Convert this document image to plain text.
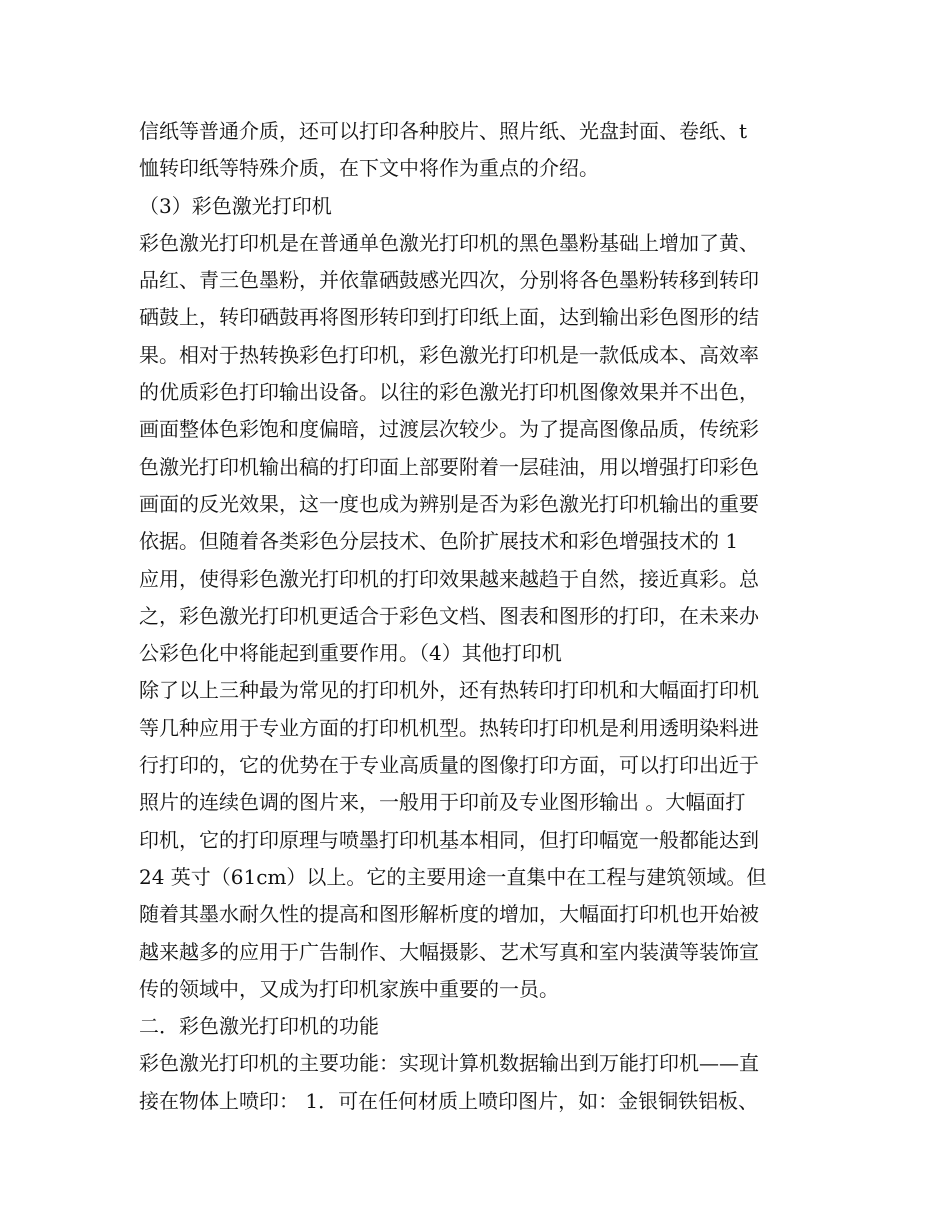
信纸等普通介质，还可以打印各种胶片、照片纸、光盘封面、卷纸、t
恤转印纸等特殊介质，在下文中将作为重点的介绍。
（3）彩色激光打印机
彩色激光打印机是在普通单色激光打印机的黑色墨粉基础上增加了黄、
品红、青三色墨粉，并依靠硒鼓感光四次，分别将各色墨粉转移到转印
硒鼓上，转印硒鼓再将图形转印到打印纸上面，达到输出彩色图形的结
果。相对于热转换彩色打印机，彩色激光打印机是一款低成本、高效率
的优质彩色打印输出设备。以往的彩色激光打印机图像效果并不出色，
画面整体色彩饱和度偏暗，过渡层次较少。为了提高图像品质，传统彩
色激光打印机输出稿的打印面上部要附着一层硅油，用以增强打印彩色
画面的反光效果，这一度也成为辨别是否为彩色激光打印机输出的重要
依据。但随着各类彩色分层技术、色阶扩展技术和彩色增强技术的 1
应用，使得彩色激光打印机的打印效果越来越趋于自然，接近真彩。总
之，彩色激光打印机更适合于彩色文档、图表和图形的打印，在未来办
公彩色化中将能起到重要作用。（4）其他打印机
除了以上三种最为常见的打印机外，还有热转印打印机和大幅面打印机
等几种应用于专业方面的打印机机型。热转印打印机是利用透明染料进
行打印的，它的优势在于专业高质量的图像打印方面，可以打印出近于
照片的连续色调的图片来，一般用于印前及专业图形输出 。大幅面打
印机，它的打印原理与喷墨打印机基本相同，但打印幅宽一般都能达到
24 英寸（61cm）以上。它的主要用途一直集中在工程与建筑领域。但
随着其墨水耐久性的提高和图形解析度的增加，大幅面打印机也开始被
越来越多的应用于广告制作、大幅摄影、艺术写真和室内装潢等装饰宣
传的领域中，又成为打印机家族中重要的一员。
二．彩色激光打印机的功能
彩色激光打印机的主要功能：实现计算机数据输出到万能打印机——直
接在物体上喷印： 1．可在任何材质上喷印图片，如：金银铜铁铝板、
